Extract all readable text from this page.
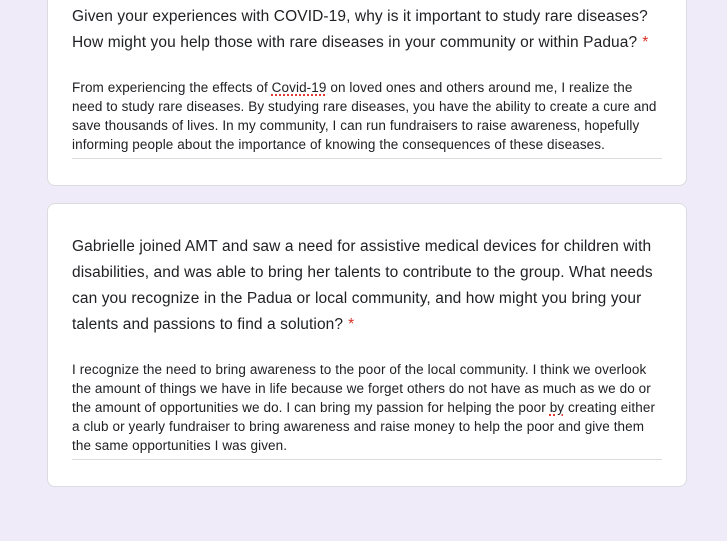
Given your experiences with COVID-19, why is it important to study rare diseases? How might you help those with rare diseases in your community or within Padua? *
From experiencing the effects of Covid-19 on loved ones and others around me, I realize the need to study rare diseases. By studying rare diseases, you have the ability to create a cure and save thousands of lives. In my community, I can run fundraisers to raise awareness, hopefully informing people about the importance of knowing the consequences of these diseases.
Gabrielle joined AMT and saw a need for assistive medical devices for children with disabilities, and was able to bring her talents to contribute to the group. What needs can you recognize in the Padua or local community, and how might you bring your talents and passions to find a solution? *
I recognize the need to bring awareness to the poor of the local community. I think we overlook the amount of things we have in life because we forget others do not have as much as we do or the amount of opportunities we do. I can bring my passion for helping the poor by creating either a club or yearly fundraiser to bring awareness and raise money to help the poor and give them the same opportunities I was given.
